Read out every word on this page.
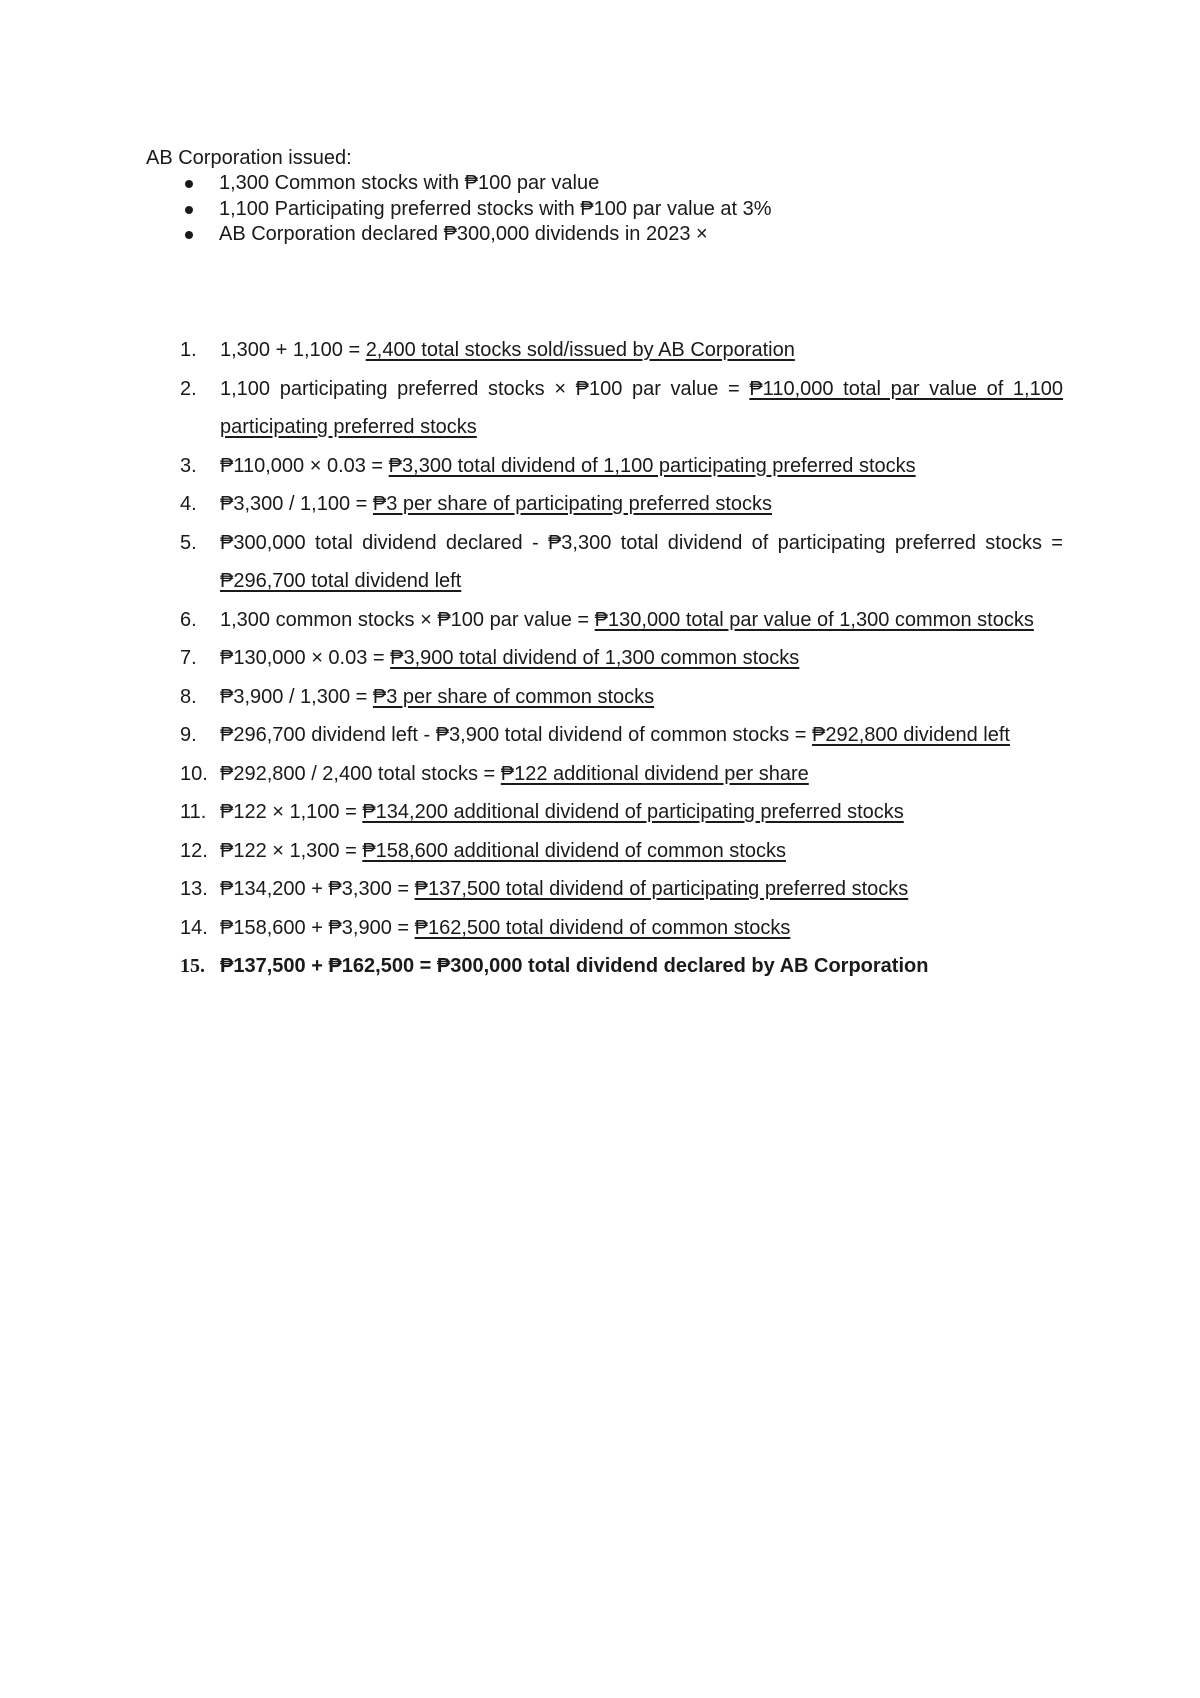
AB Corporation issued:

1,300 Common stocks with ₱100 par value
1,100 Participating preferred stocks with ₱100 par value at 3%
AB Corporation declared ₱300,000 dividends in 2023 ×
1. 1,300 + 1,100 = 2,400 total stocks sold/issued by AB Corporation
2. 1,100 participating preferred stocks × ₱100 par value = ₱110,000 total par value of 1,100 participating preferred stocks
3. ₱110,000 × 0.03 = ₱3,300 total dividend of 1,100 participating preferred stocks
4. ₱3,300 / 1,100 = ₱3 per share of participating preferred stocks
5. ₱300,000 total dividend declared - ₱3,300 total dividend of participating preferred stocks = ₱296,700 total dividend left
6. 1,300 common stocks × ₱100 par value = ₱130,000 total par value of 1,300 common stocks
7. ₱130,000 × 0.03 = ₱3,900 total dividend of 1,300 common stocks
8. ₱3,900 / 1,300 = ₱3 per share of common stocks
9. ₱296,700 dividend left - ₱3,900 total dividend of common stocks = ₱292,800 dividend left
10. ₱292,800 / 2,400 total stocks = ₱122 additional dividend per share
11. ₱122 × 1,100 = ₱134,200 additional dividend of participating preferred stocks
12. ₱122 × 1,300 = ₱158,600 additional dividend of common stocks
13. ₱134,200 + ₱3,300 = ₱137,500 total dividend of participating preferred stocks
14. ₱158,600 + ₱3,900 = ₱162,500 total dividend of common stocks
15. ₱137,500 + ₱162,500 = ₱300,000 total dividend declared by AB Corporation
